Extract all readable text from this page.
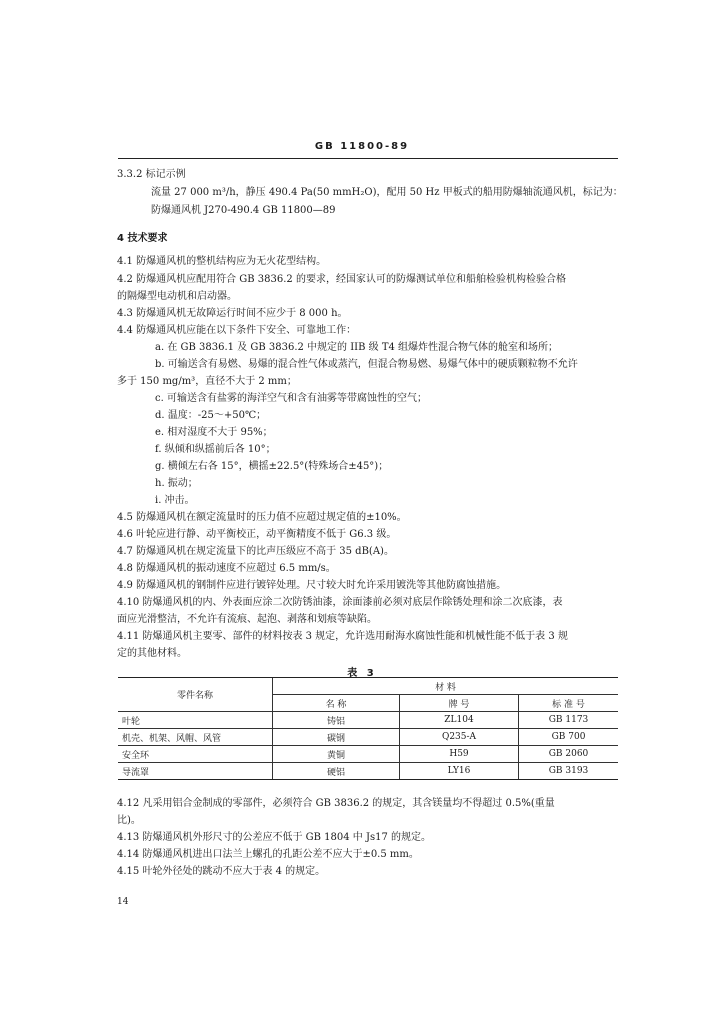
GB 11800-89
3.3.2 标记示例
流量 27 000 m³/h，静压 490.4 Pa(50 mmH₂O)，配用 50 Hz 甲板式的船用防爆轴流通风机，标记为：
防爆通风机 J270-490.4 GB 11800—89
4 技术要求
4.1 防爆通风机的整机结构应为无火花型结构。
4.2 防爆通风机应配用符合 GB 3836.2 的要求，经国家认可的防爆测试单位和船舶检验机构检验合格
的隔爆型电动机和启动器。
4.3 防爆通风机无故障运行时间不应少于 8 000 h。
4.4 防爆通风机应能在以下条件下安全、可靠地工作：
a. 在 GB 3836.1 及 GB 3836.2 中规定的 IIB 级 T4 组爆炸性混合物气体的舱室和场所；
b. 可输送含有易燃、易爆的混合性气体或蒸汽，但混合物易燃、易爆气体中的硬质颗粒物不允许
多于 150 mg/m³，直径不大于 2 mm；
c. 可输送含有盐雾的海洋空气和含有油雾等带腐蚀性的空气；
d. 温度：-25～+50℃；
e. 相对湿度不大于 95%；
f. 纵倾和纵摇前后各 10°；
g. 横倾左右各 15°，横摇±22.5°(特殊场合±45°)；
h. 振动；
i. 冲击。
4.5 防爆通风机在额定流量时的压力值不应超过规定值的±10%。
4.6 叶轮应进行静、动平衡校正，动平衡精度不低于 G6.3 级。
4.7 防爆通风机在规定流量下的比声压级应不高于 35 dB(A)。
4.8 防爆通风机的振动速度不应超过 6.5 mm/s。
4.9 防爆通风机的钢制件应进行镀锌处理。尺寸较大时允许采用镀洗等其他防腐蚀措施。
4.10 防爆通风机的内、外表面应涂二次防锈油漆，涂面漆前必须对底层作除锈处理和涂二次底漆，表
面应光滑整洁，不允许有流痕、起泡、剥落和划痕等缺陷。
4.11 防爆通风机主要零、部件的材料按表 3 规定，允许选用耐海水腐蚀性能和机械性能不低于表 3 规
定的其他材料。
表 3
零件名称	材 料		
	名 称	牌 号	标 准 号
叶轮	铸铝	ZL104	GB 1173
机壳、机架、风帽、风管	碳钢	Q235-A	GB 700
安全环	黄铜	H59	GB 2060
导流罩	硬铝	LY16	GB 3193
4.12 凡采用铝合金制成的零部件，必须符合 GB 3836.2 的规定，其含镁量均不得超过 0.5%(重量
比)。
4.13 防爆通风机外形尺寸的公差应不低于 GB 1804 中 Js17 的规定。
4.14 防爆通风机进出口法兰上螺孔的孔距公差不应大于±0.5 mm。
4.15 叶轮外径处的跳动不应大于表 4 的规定。
14
